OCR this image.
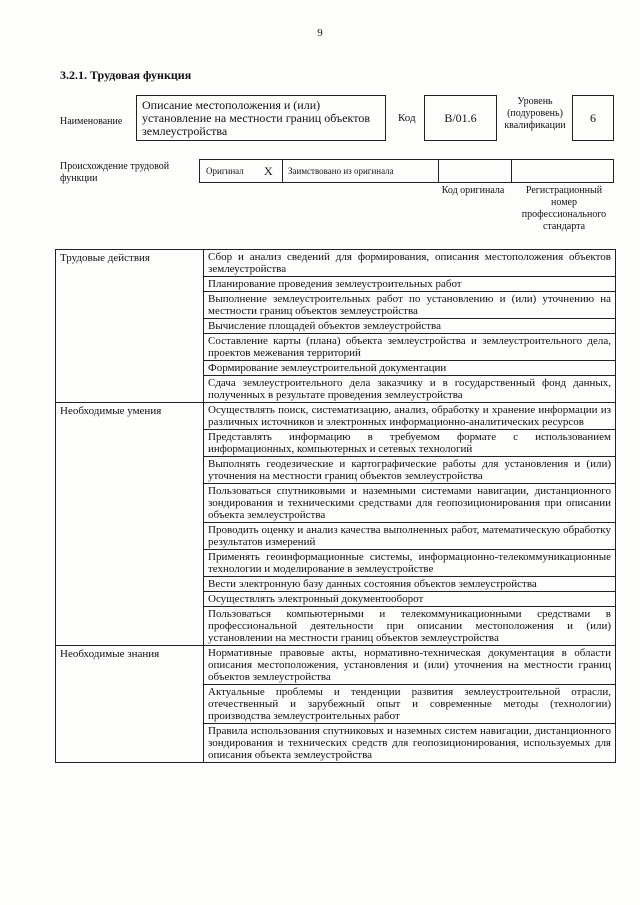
9
3.2.1. Трудовая функция
Наименование
Описание местоположения и (или) установление на местности границ объектов землеустройства
Код	B/01.6
Уровень (подуровень) квалификации
6
Происхождение трудовой функции
Оригинал X Заимствовано из оригинала
Код оригинала	Регистрационный номер профессионального стандарта
Трудовые действия	Сбор и анализ сведений для формирования, описания местоположения объектов землеустройства
	Планирование проведения землеустроительных работ
	Выполнение землеустроительных работ по установлению и (или) уточнению на местности границ объектов землеустройства
	Вычисление площадей объектов землеустройства
	Составление карты (плана) объекта землеустройства и землеустроительного дела, проектов межевания территорий
	Формирование землеустроительной документации
	Сдача землеустроительного дела заказчику и в государственный фонд данных, полученных в результате проведения землеустройства
Необходимые умения	Осуществлять поиск, систематизацию, анализ, обработку и хранение информации из различных источников и электронных информационно-аналитических ресурсов
	Представлять информацию в требуемом формате с использованием информационных, компьютерных и сетевых технологий
	Выполнять геодезические и картографические работы для установления и (или) уточнения на местности границ объектов землеустройства
	Пользоваться спутниковыми и наземными системами навигации, дистанционного зондирования и техническими средствами для геопозиционирования при описании объекта землеустройства
	Проводить оценку и анализ качества выполненных работ, математическую обработку результатов измерений
	Применять геоинформационные системы, информационно-телекоммуникационные технологии и моделирование в землеустройстве
	Вести электронную базу данных состояния объектов землеустройства
	Осуществлять электронный документооборот
	Пользоваться компьютерными и телекоммуникационными средствами в профессиональной деятельности при описании местоположения и (или) установлении на местности границ объектов землеустройства
Необходимые знания	Нормативные правовые акты, нормативно-техническая документация в области описания местоположения, установления и (или) уточнения на местности границ объектов землеустройства
	Актуальные проблемы и тенденции развития землеустроительной отрасли, отечественный и зарубежный опыт и современные методы (технологии) производства землеустроительных работ
	Правила использования спутниковых и наземных систем навигации, дистанционного зондирования и технических средств для геопозиционирования, используемых для описания объекта землеустройства
